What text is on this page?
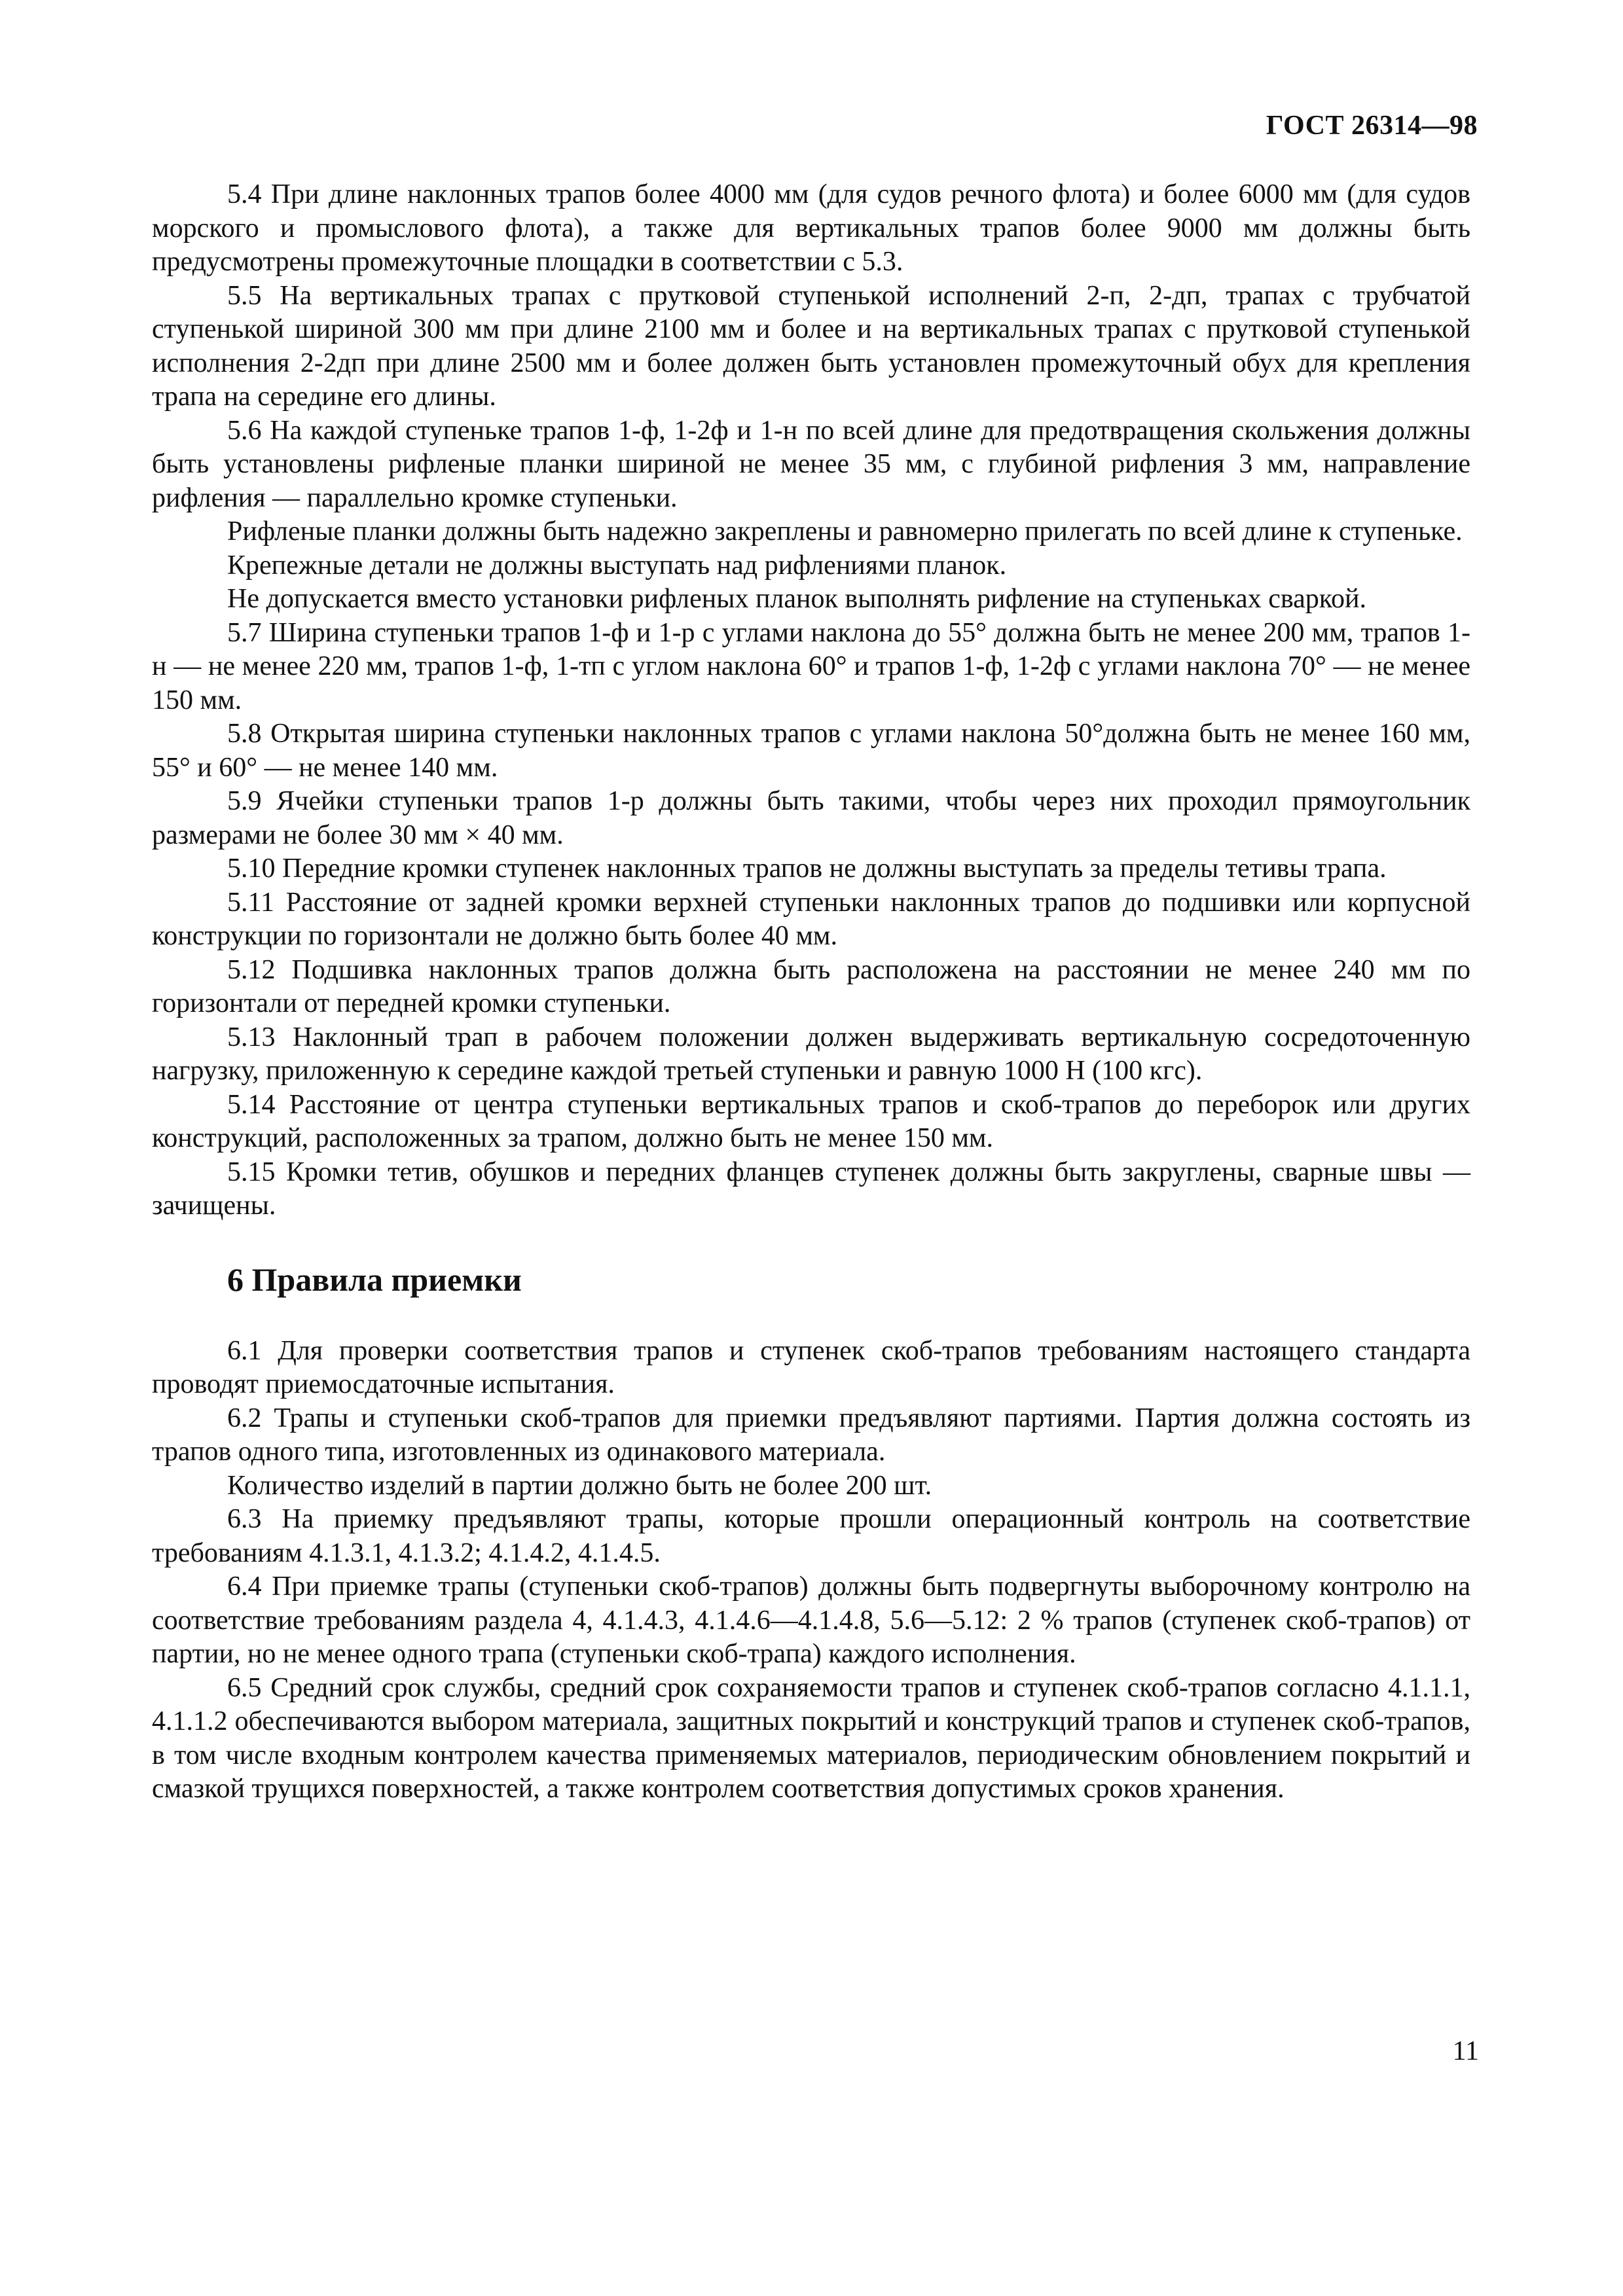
ГОСТ 26314—98

5.4 При длине наклонных трапов более 4000 мм (для судов речного флота) и более 6000 мм (для судов морского и промыслового флота), а также для вертикальных трапов более 9000 мм должны быть предусмотрены промежуточные площадки в соответствии с 5.3.

5.5 На вертикальных трапах с прутковой ступенькой исполнений 2-п, 2-дп, трапах с трубчатой ступенькой шириной 300 мм при длине 2100 мм и более и на вертикальных трапах с прутковой ступенькой исполнения 2-2дп при длине 2500 мм и более должен быть установлен промежуточный обух для крепления трапа на середине его длины.

5.6 На каждой ступеньке трапов 1-ф, 1-2ф и 1-н по всей длине для предотвращения скольжения должны быть установлены рифленые планки шириной не менее 35 мм, с глубиной рифления 3 мм, направление рифления — параллельно кромке ступеньки.

Рифленые планки должны быть надежно закреплены и равномерно прилегать по всей длине к ступеньке.

Крепежные детали не должны выступать над рифлениями планок.

Не допускается вместо установки рифленых планок выполнять рифление на ступеньках сваркой.

5.7 Ширина ступеньки трапов 1-ф и 1-р с углами наклона до 55° должна быть не менее 200 мм, трапов 1-н — не менее 220 мм, трапов 1-ф, 1-тп с углом наклона 60° и трапов 1-ф, 1-2ф с углами наклона 70° — не менее 150 мм.

5.8 Открытая ширина ступеньки наклонных трапов с углами наклона 50°должна быть не менее 160 мм, 55° и 60° — не менее 140 мм.

5.9 Ячейки ступеньки трапов 1-р должны быть такими, чтобы через них проходил прямоугольник размерами не более 30 мм × 40 мм.

5.10 Передние кромки ступенек наклонных трапов не должны выступать за пределы тетивы трапа.

5.11 Расстояние от задней кромки верхней ступеньки наклонных трапов до подшивки или корпусной конструкции по горизонтали не должно быть более 40 мм.

5.12 Подшивка наклонных трапов должна быть расположена на расстоянии не менее 240 мм по горизонтали от передней кромки ступеньки.

5.13 Наклонный трап в рабочем положении должен выдерживать вертикальную сосредоточенную нагрузку, приложенную к середине каждой третьей ступеньки и равную 1000 Н (100 кгс).

5.14 Расстояние от центра ступеньки вертикальных трапов и скоб-трапов до переборок или других конструкций, расположенных за трапом, должно быть не менее 150 мм.

5.15 Кромки тетив, обушков и передних фланцев ступенек должны быть закруглены, сварные швы — зачищены.

6 Правила приемки

6.1 Для проверки соответствия трапов и ступенек скоб-трапов требованиям настоящего стандарта проводят приемосдаточные испытания.

6.2 Трапы и ступеньки скоб-трапов для приемки предъявляют партиями. Партия должна состоять из трапов одного типа, изготовленных из одинакового материала.

Количество изделий в партии должно быть не более 200 шт.

6.3 На приемку предъявляют трапы, которые прошли операционный контроль на соответствие требованиям 4.1.3.1, 4.1.3.2; 4.1.4.2, 4.1.4.5.

6.4 При приемке трапы (ступеньки скоб-трапов) должны быть подвергнуты выборочному контролю на соответствие требованиям раздела 4, 4.1.4.3, 4.1.4.6—4.1.4.8, 5.6—5.12: 2 % трапов (ступенек скоб-трапов) от партии, но не менее одного трапа (ступеньки скоб-трапа) каждого исполнения.

6.5 Средний срок службы, средний срок сохраняемости трапов и ступенек скоб-трапов согласно 4.1.1.1, 4.1.1.2 обеспечиваются выбором материала, защитных покрытий и конструкций трапов и ступенек скоб-трапов, в том числе входным контролем качества применяемых материалов, периодическим обновлением покрытий и смазкой трущихся поверхностей, а также контролем соответствия допустимых сроков хранения.

11
